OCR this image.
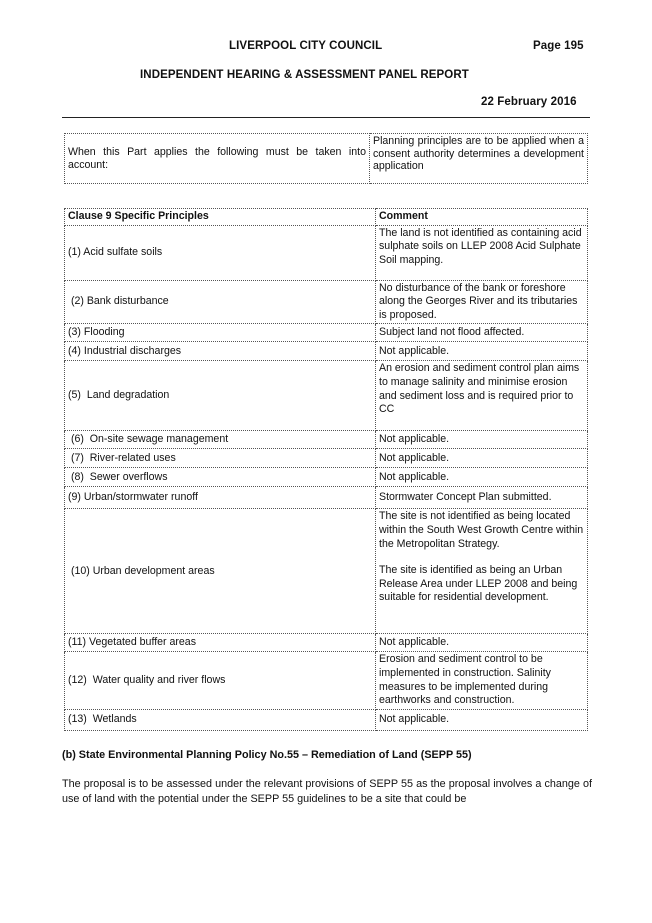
LIVERPOOL CITY COUNCIL	Page 195
INDEPENDENT HEARING & ASSESSMENT PANEL REPORT
22 February 2016
When this Part applies the following must be taken into account:	Planning principles are to be applied when a consent authority determines a development application
Clause 9 Specific Principles	Comment
(1) Acid sulfate soils	The land is not identified as containing acid sulphate soils on LLEP 2008 Acid Sulphate Soil mapping.
(2) Bank disturbance	No disturbance of the bank or foreshore along the Georges River and its tributaries is proposed.
(3) Flooding	Subject land not flood affected.
(4) Industrial discharges	Not applicable.
(5)  Land degradation	An erosion and sediment control plan aims to manage salinity and minimise erosion and sediment loss and is required prior to CC
(6)  On-site sewage management	Not applicable.
(7)  River-related uses	Not applicable.
(8)  Sewer overflows	Not applicable.
(9) Urban/stormwater runoff	Stormwater Concept Plan submitted.
(10) Urban development areas	The site is not identified as being located within the South West Growth Centre within the Metropolitan Strategy.
The site is identified as being an Urban Release Area under LLEP 2008 and being suitable for residential development.

(11) Vegetated buffer areas	Not applicable.
(12)  Water quality and river flows	Erosion and sediment control to be implemented in construction. Salinity measures to be implemented during earthworks and construction.
(13)  Wetlands	Not applicable.
(b) State Environmental Planning Policy No.55 – Remediation of Land (SEPP 55)
The proposal is to be assessed under the relevant provisions of SEPP 55 as the proposal involves a change of use of land with the potential under the SEPP 55 guidelines to be a site that could be
